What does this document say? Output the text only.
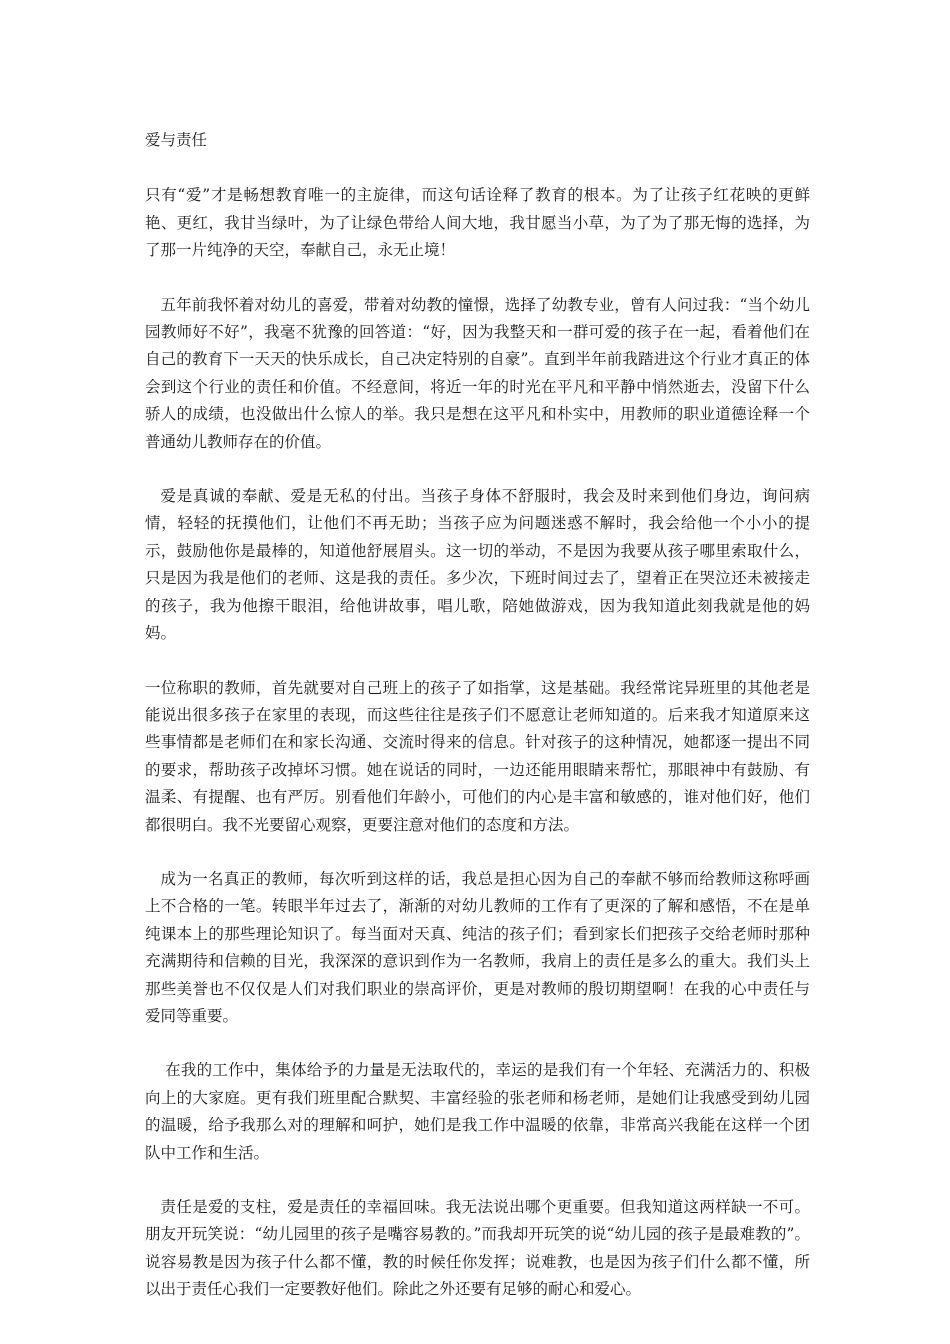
爱与责任

只有“爱”才是畅想教育唯一的主旋律，而这句话诠释了教育的根本。为了让孩子红花映的更鲜艳、更红，我甘当绿叶，为了让绿色带给人间大地，我甘愿当小草，为了为了那无悔的选择，为了那一片纯净的天空，奉献自己，永无止境！

五年前我怀着对幼儿的喜爱，带着对幼教的憧憬，选择了幼教专业，曾有人问过我：“当个幼儿园教师好不好”，我毫不犹豫的回答道：“好，因为我整天和一群可爱的孩子在一起，看着他们在自己的教育下一天天的快乐成长，自己决定特别的自豪”。直到半年前我踏进这个行业才真正的体会到这个行业的责任和价值。不经意间，将近一年的时光在平凡和平静中悄然逝去，没留下什么骄人的成绩，也没做出什么惊人的举。我只是想在这平凡和朴实中，用教师的职业道德诠释一个普通幼儿教师存在的价值。

爱是真诚的奉献、爱是无私的付出。当孩子身体不舒服时，我会及时来到他们身边，询问病情，轻轻的抚摸他们，让他们不再无助；当孩子应为问题迷惑不解时，我会给他一个小小的提示，鼓励他你是最棒的，知道他舒展眉头。这一切的举动，不是因为我要从孩子哪里索取什么，只是因为我是他们的老师、这是我的责任。多少次，下班时间过去了，望着正在哭泣还未被接走的孩子，我为他擦干眼泪，给他讲故事，唱儿歌，陪她做游戏，因为我知道此刻我就是他的妈妈。

一位称职的教师，首先就要对自己班上的孩子了如指掌，这是基础。我经常诧异班里的其他老是能说出很多孩子在家里的表现，而这些往往是孩子们不愿意让老师知道的。后来我才知道原来这些事情都是老师们在和家长沟通、交流时得来的信息。针对孩子的这种情况，她都逐一提出不同的要求，帮助孩子改掉坏习惯。她在说话的同时，一边还能用眼睛来帮忙，那眼神中有鼓励、有温柔、有提醒、也有严厉。别看他们年龄小，可他们的内心是丰富和敏感的，谁对他们好，他们都很明白。我不光要留心观察，更要注意对他们的态度和方法。

成为一名真正的教师，每次听到这样的话，我总是担心因为自己的奉献不够而给教师这称呼画上不合格的一笔。转眼半年过去了，渐渐的对幼儿教师的工作有了更深的了解和感悟，不在是单纯课本上的那些理论知识了。每当面对天真、纯洁的孩子们；看到家长们把孩子交给老师时那种充满期待和信赖的目光，我深深的意识到作为一名教师，我肩上的责任是多么的重大。我们头上那些美誉也不仅仅是人们对我们职业的崇高评价，更是对教师的殷切期望啊！在我的心中责任与爱同等重要。

在我的工作中，集体给予的力量是无法取代的，幸运的是我们有一个年轻、充满活力的、积极向上的大家庭。更有我们班里配合默契、丰富经验的张老师和杨老师，是她们让我感受到幼儿园的温暖，给予我那么对的理解和呵护，她们是我工作中温暖的依靠，非常高兴我能在这样一个团队中工作和生活。

责任是爱的支柱，爱是责任的幸福回味。我无法说出哪个更重要。但我知道这两样缺一不可。朋友开玩笑说：“幼儿园里的孩子是嘴容易教的。”而我却开玩笑的说“幼儿园的孩子是最难教的”。说容易教是因为孩子什么都不懂，教的时候任你发挥；说难教，也是因为孩子们什么都不懂，所以出于责任心我们一定要教好他们。除此之外还要有足够的耐心和爱心。
